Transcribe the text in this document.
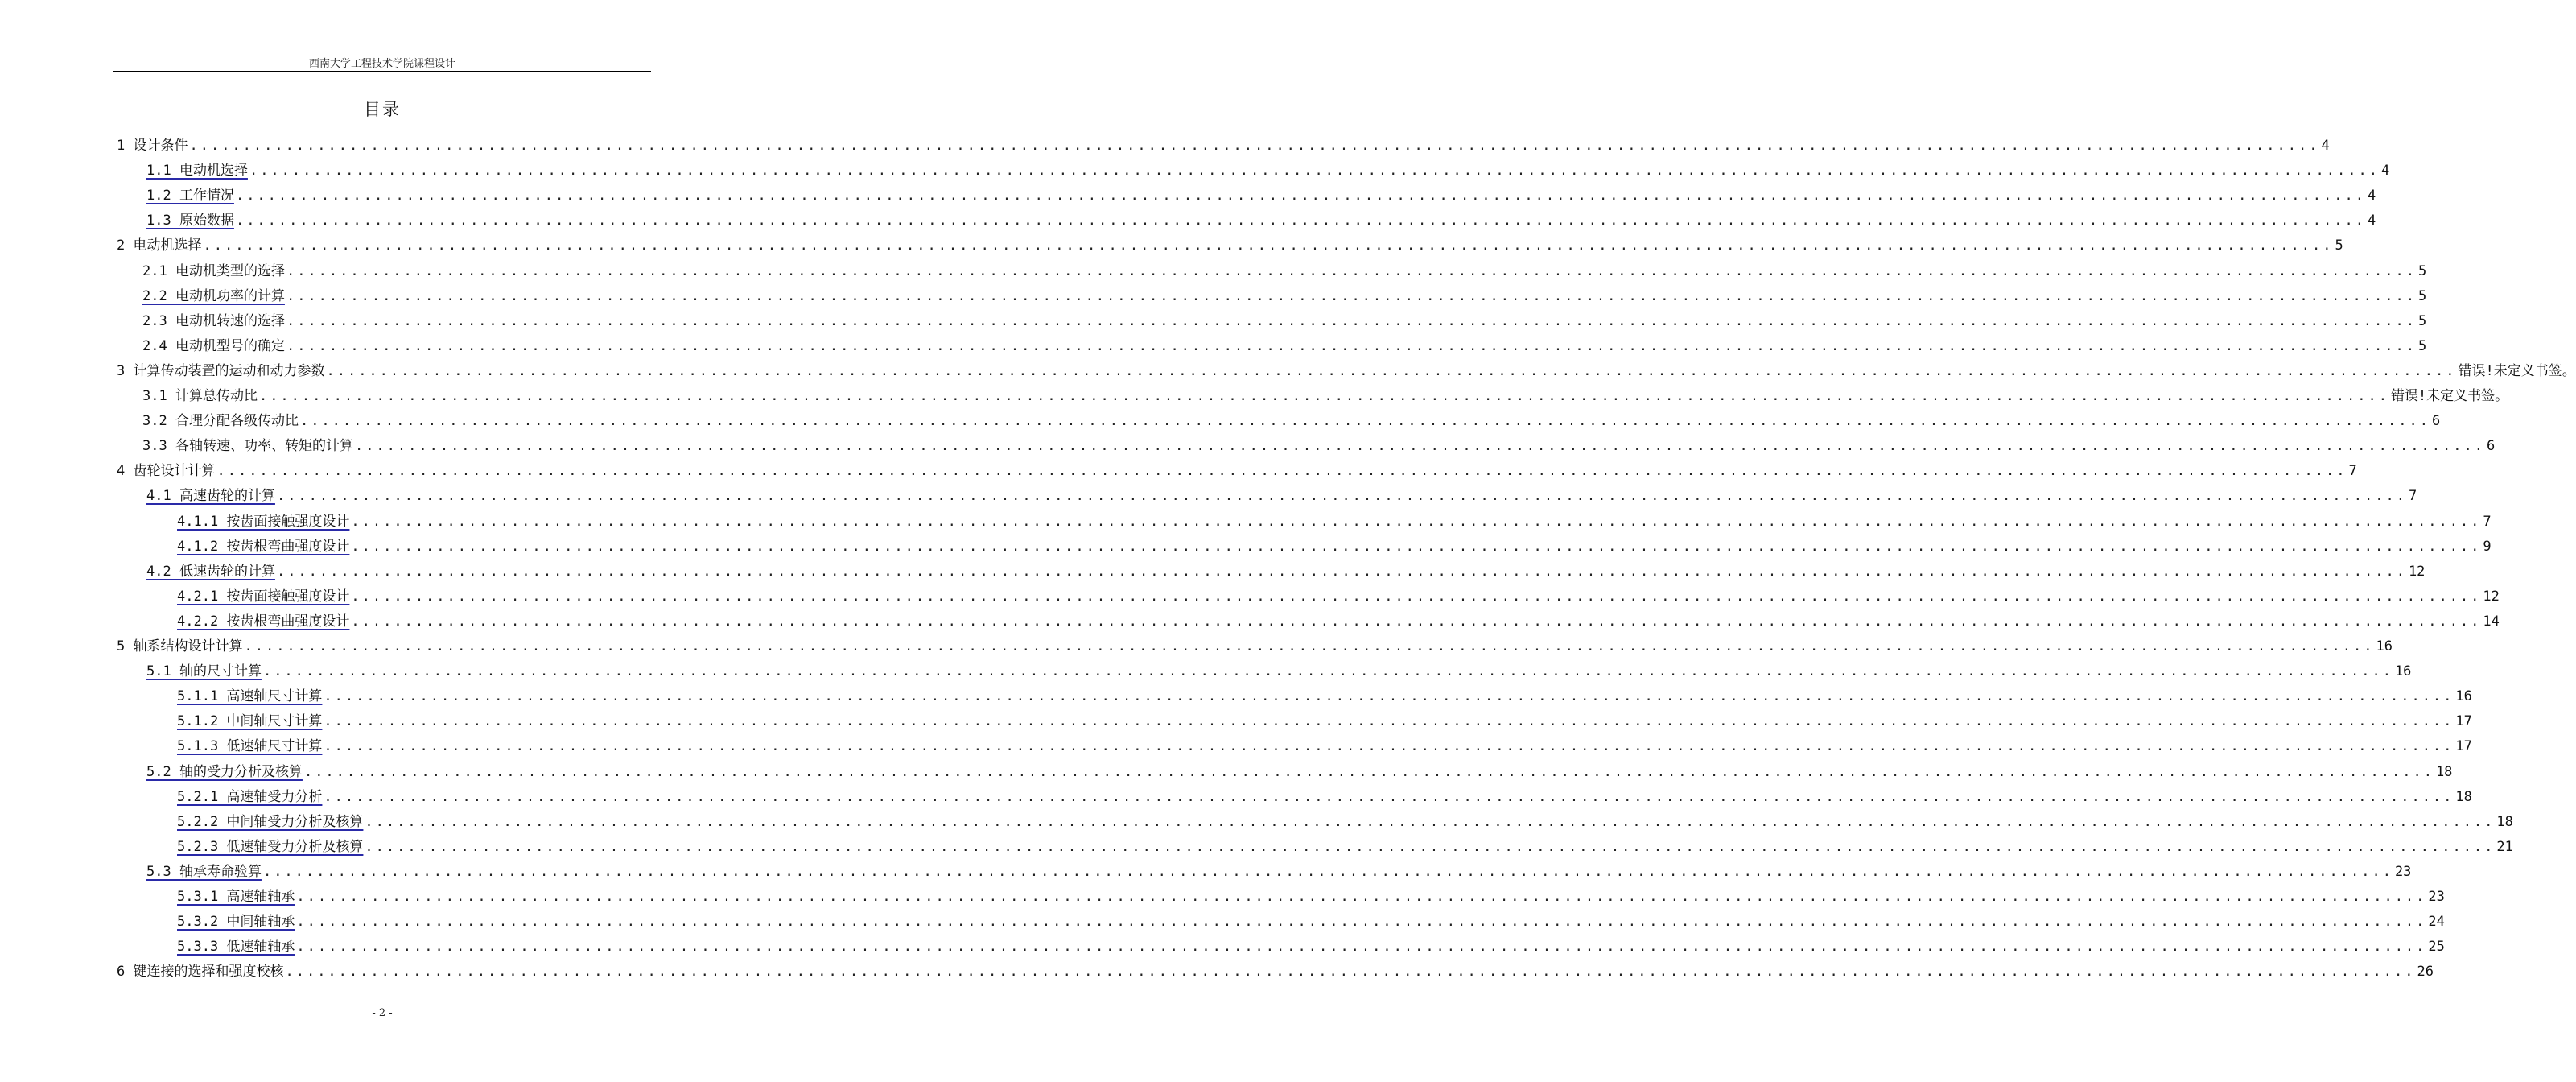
西南大学工程技术学院课程设计
目录
1 设计条件 ........................................................................................................................................................................................................ 4
1.1 电动机选择 ........................................................................................................................................................................................................ 4
1.2 工作情况 ........................................................................................................................................................................................................ 4
1.3 原始数据 ........................................................................................................................................................................................................ 4
2 电动机选择 ........................................................................................................................................................................................................ 5
2.1 电动机类型的选择 ........................................................................................................................................................................................................ 5
2.2 电动机功率的计算 ........................................................................................................................................................................................................ 5
2.3 电动机转速的选择 ........................................................................................................................................................................................................ 5
2.4 电动机型号的确定 ........................................................................................................................................................................................................ 5
3 计算传动装置的运动和动力参数 ........................................................................................................................................................................................................ 错误!未定义书签。
3.1 计算总传动比 ........................................................................................................................................................................................................ 错误!未定义书签。
3.2 合理分配各级传动比 ........................................................................................................................................................................................................ 6
3.3 各轴转速、功率、转矩的计算 ........................................................................................................................................................................................................ 6
4 齿轮设计计算 ........................................................................................................................................................................................................ 7
4.1 高速齿轮的计算 ........................................................................................................................................................................................................ 7
4.1.1 按齿面接触强度设计 ........................................................................................................................................................................................................ 7
4.1.2 按齿根弯曲强度设计 ........................................................................................................................................................................................................ 9
4.2 低速齿轮的计算 ........................................................................................................................................................................................................ 12
4.2.1 按齿面接触强度设计 ........................................................................................................................................................................................................ 12
4.2.2 按齿根弯曲强度设计 ........................................................................................................................................................................................................ 14
5 轴系结构设计计算 ........................................................................................................................................................................................................ 16
5.1 轴的尺寸计算 ........................................................................................................................................................................................................ 16
5.1.1 高速轴尺寸计算 ........................................................................................................................................................................................................ 16
5.1.2 中间轴尺寸计算 ........................................................................................................................................................................................................ 17
5.1.3 低速轴尺寸计算 ........................................................................................................................................................................................................ 17
5.2 轴的受力分析及核算 ........................................................................................................................................................................................................ 18
5.2.1 高速轴受力分析 ........................................................................................................................................................................................................ 18
5.2.2 中间轴受力分析及核算 ........................................................................................................................................................................................................ 18
5.2.3 低速轴受力分析及核算 ........................................................................................................................................................................................................ 21
5.3 轴承寿命验算 ........................................................................................................................................................................................................ 23
5.3.1 高速轴轴承 ........................................................................................................................................................................................................ 23
5.3.2 中间轴轴承 ........................................................................................................................................................................................................ 24
5.3.3 低速轴轴承 ........................................................................................................................................................................................................ 25
6 键连接的选择和强度校核 ........................................................................................................................................................................................................ 26
- 2 -
